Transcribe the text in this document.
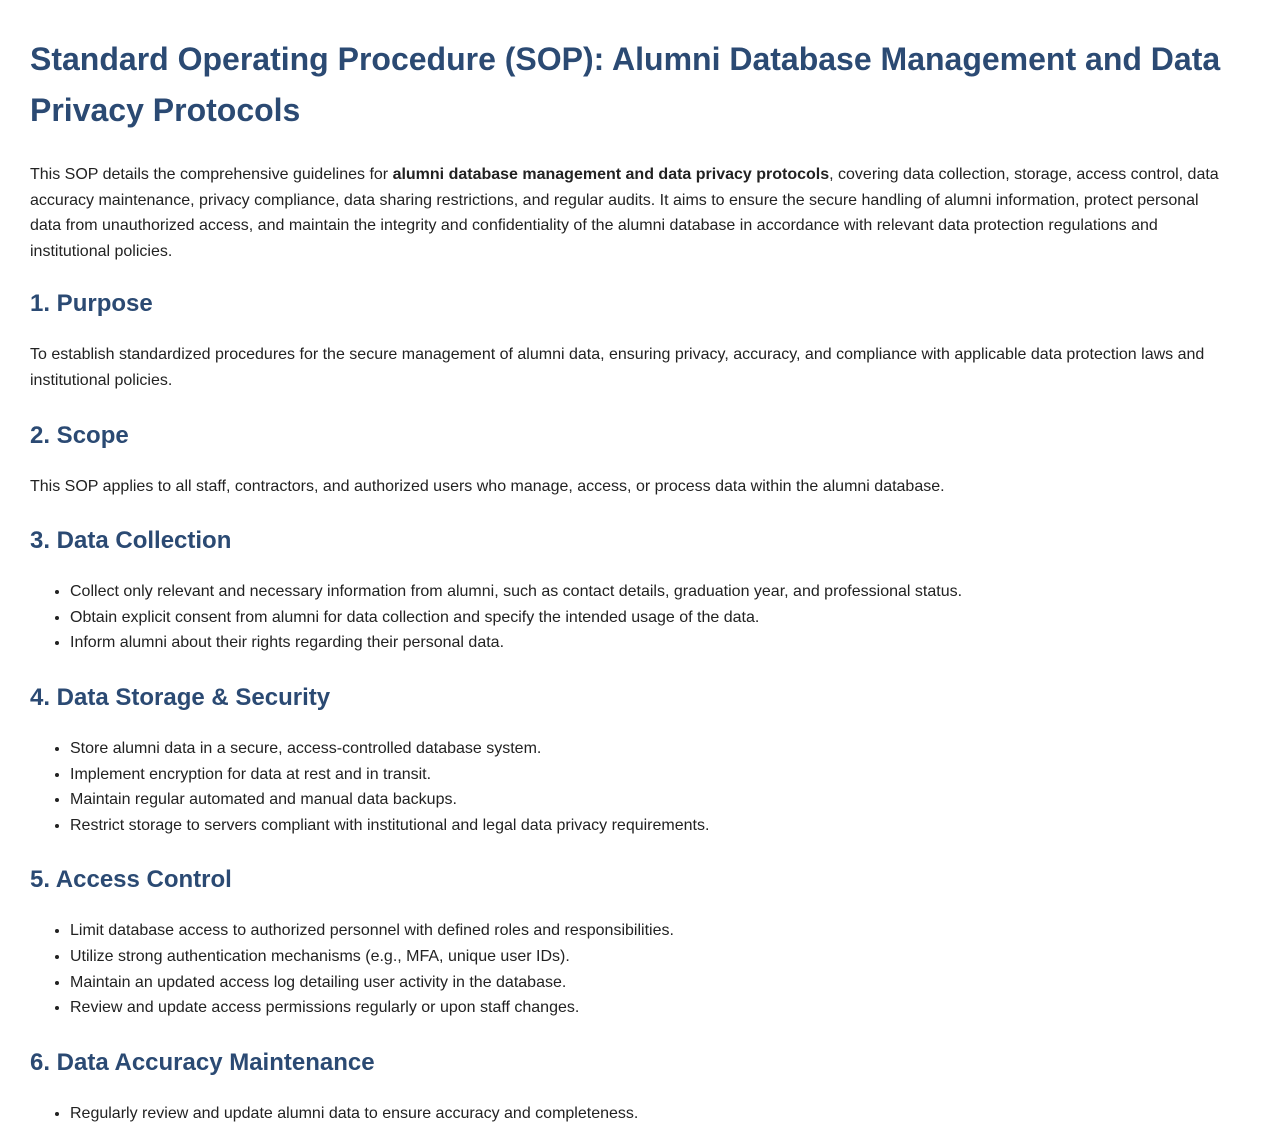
Standard Operating Procedure (SOP): Alumni Database Management and Data Privacy Protocols

This SOP details the comprehensive guidelines for alumni database management and data privacy protocols, covering data collection, storage, access control, data accuracy maintenance, privacy compliance, data sharing restrictions, and regular audits. It aims to ensure the secure handling of alumni information, protect personal data from unauthorized access, and maintain the integrity and confidentiality of the alumni database in accordance with relevant data protection regulations and institutional policies.

1. Purpose

To establish standardized procedures for the secure management of alumni data, ensuring privacy, accuracy, and compliance with applicable data protection laws and institutional policies.

2. Scope

This SOP applies to all staff, contractors, and authorized users who manage, access, or process data within the alumni database.

3. Data Collection
• Collect only relevant and necessary information from alumni, such as contact details, graduation year, and professional status.
• Obtain explicit consent from alumni for data collection and specify the intended usage of the data.
• Inform alumni about their rights regarding their personal data.
4. Data Storage & Security
• Store alumni data in a secure, access-controlled database system.
• Implement encryption for data at rest and in transit.
• Maintain regular automated and manual data backups.
• Restrict storage to servers compliant with institutional and legal data privacy requirements.
5. Access Control
• Limit database access to authorized personnel with defined roles and responsibilities.
• Utilize strong authentication mechanisms (e.g., MFA, unique user IDs).
• Maintain an updated access log detailing user activity in the database.
• Review and update access permissions regularly or upon staff changes.
6. Data Accuracy Maintenance
• Regularly review and update alumni data to ensure accuracy and completeness.
